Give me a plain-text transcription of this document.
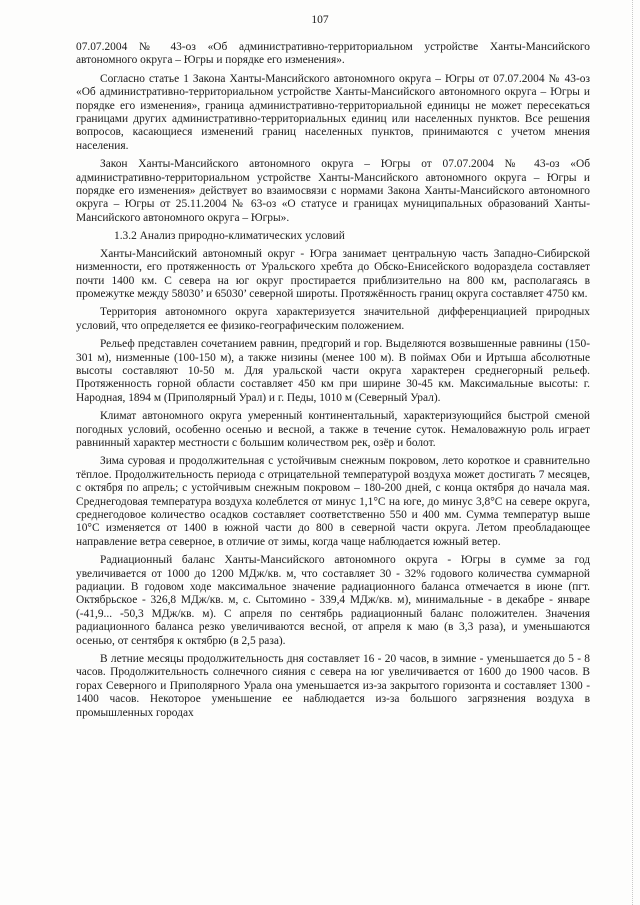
107

07.07.2004 № 43-оз «Об административно-территориальном устройстве Ханты-Мансийского автономного округа – Югры и порядке его изменения».

Согласно статье 1 Закона Ханты-Мансийского автономного округа – Югры от 07.07.2004 № 43-оз «Об административно-территориальном устройстве Ханты-Мансийского автономного округа – Югры и порядке его изменения», граница административно-территориальной единицы не может пересекаться границами других административно-территориальных единиц или населенных пунктов. Все решения вопросов, касающиеся изменений границ населенных пунктов, принимаются с учетом мнения населения.

Закон Ханты-Мансийского автономного округа – Югры от 07.07.2004 № 43-оз «Об административно-территориальном устройстве Ханты-Мансийского автономного округа – Югры и порядке его изменения» действует во взаимосвязи с нормами Закона Ханты-Мансийского автономного округа – Югры от 25.11.2004 № 63-оз «О статусе и границах муниципальных образований Ханты-Мансийского автономного округа – Югры».

1.3.2 Анализ природно-климатических условий

Ханты-Мансийский автономный округ - Югра занимает центральную часть Западно-Сибирской низменности, его протяженность от Уральского хребта до Обско-Енисейского водораздела составляет почти 1400 км. С севера на юг округ простирается приблизительно на 800 км, располагаясь в промежутке между 58030’ и 65030’ северной широты. Протяжённость границ округа составляет 4750 км.

Территория автономного округа характеризуется значительной дифференциацией природных условий, что определяется ее физико-географическим положением.

Рельеф представлен сочетанием равнин, предгорий и гор. Выделяются возвышенные равнины (150-301 м), низменные (100-150 м), а также низины (менее 100 м). В поймах Оби и Иртыша абсолютные высоты составляют 10-50 м. Для уральской части округа характерен среднегорный рельеф. Протяженность горной области составляет 450 км при ширине 30-45 км. Максимальные высоты: г. Народная, 1894 м (Приполярный Урал) и г. Педы, 1010 м (Северный Урал).

Климат автономного округа умеренный континентальный, характеризующийся быстрой сменой погодных условий, особенно осенью и весной, а также в течение суток. Немаловажную роль играет равнинный характер местности с большим количеством рек, озёр и болот.

Зима суровая и продолжительная с устойчивым снежным покровом, лето короткое и сравнительно тёплое. Продолжительность периода с отрицательной температурой воздуха может достигать 7 месяцев, с октября по апрель; с устойчивым снежным покровом – 180-200 дней, с конца октября до начала мая. Среднегодовая температура воздуха колеблется от минус 1,1°С на юге, до минус 3,8°С на севере округа, среднегодовое количество осадков составляет соответственно 550 и 400 мм. Сумма температур выше 10°С изменяется от 1400 в южной части до 800 в северной части округа. Летом преобладающее направление ветра северное, в отличие от зимы, когда чаще наблюдается южный ветер.

Радиационный баланс Ханты-Мансийского автономного округа - Югры в сумме за год увеличивается от 1000 до 1200 МДж/кв. м, что составляет 30 - 32% годового количества суммарной радиации. В годовом ходе максимальное значение радиационного баланса отмечается в июне (пгт. Октябрьское - 326,8 МДж/кв. м, с. Сытомино - 339,4 МДж/кв. м), минимальные - в декабре - январе (-41,9... -50,3 МДж/кв. м). С апреля по сентябрь радиационный баланс положителен. Значения радиационного баланса резко увеличиваются весной, от апреля к маю (в 3,3 раза), и уменьшаются осенью, от сентября к октябрю (в 2,5 раза).

В летние месяцы продолжительность дня составляет 16 - 20 часов, в зимние - уменьшается до 5 - 8 часов. Продолжительность солнечного сияния с севера на юг увеличивается от 1600 до 1900 часов. В горах Северного и Приполярного Урала она уменьшается из-за закрытого горизонта и составляет 1300 - 1400 часов. Некоторое уменьшение ее наблюдается из-за большого загрязнения воздуха в промышленных городах
